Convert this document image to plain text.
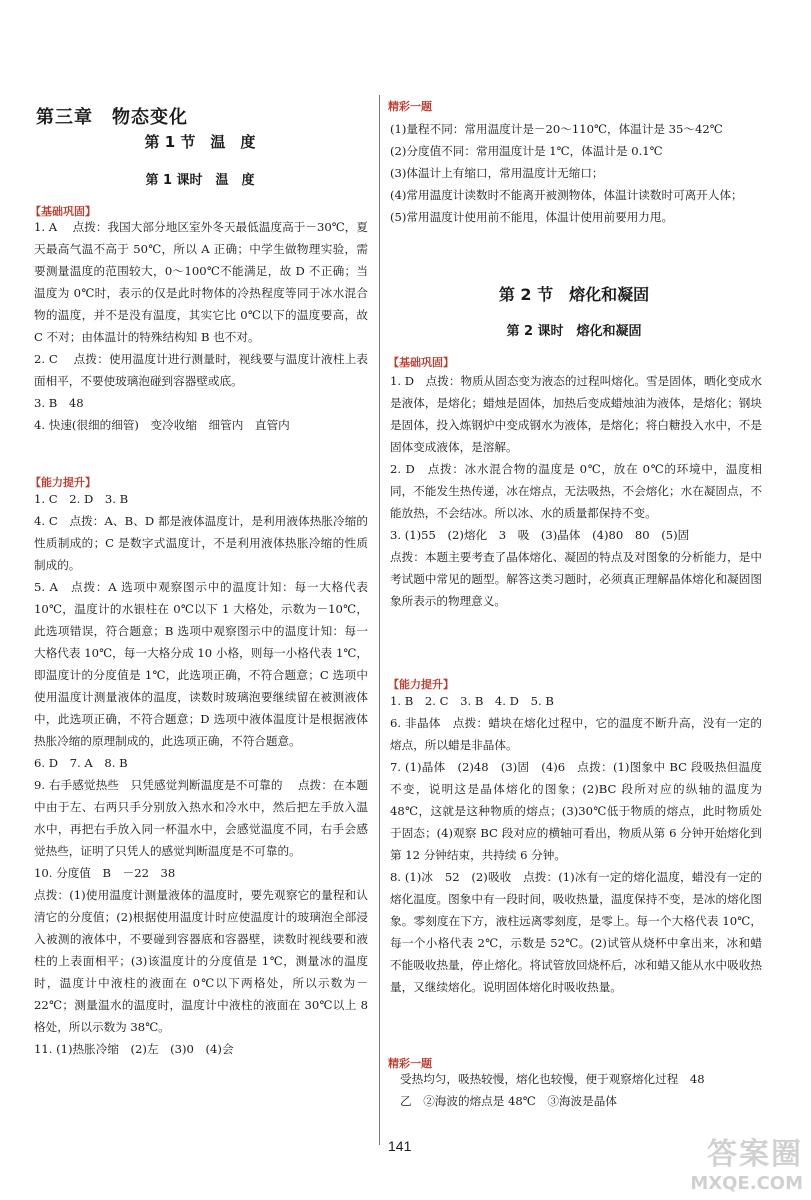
第三章　物态变化
第 1 节　温　度
第 1 课时　温　度
【基础巩固】
1. A　 点拨：我国大部分地区室外冬天最低温度高于－30℃，夏天最高气温不高于 50℃，所以 A 正确；中学生做物理实验，需要测量温度的范围较大，0～100℃不能满足，故 D 不正确；当温度为 0℃时，表示的仅是此时物体的冷热程度等同于冰水混合物的温度，并不是没有温度，其实它比 0℃以下的温度要高，故 C 不对；由体温计的特殊结构知 B 也不对。
2. C　 点拨：使用温度计进行测量时，视线要与温度计液柱上表面相平，不要使玻璃泡碰到容器壁或底。
3. B　48
4. 快速(很细的细管)　变冷收缩　细管内　直管内
【能力提升】
1. C　2. D　3. B
4. C　点拨：A、B、D 都是液体温度计，是利用液体热胀冷缩的性质制成的；C 是数字式温度计，不是利用液体热胀冷缩的性质制成的。
5. A　点拨：A 选项中观察图示中的温度计知：每一大格代表 10℃，温度计的水银柱在 0℃以下 1 大格处，示数为－10℃，此选项错误，符合题意；B 选项中观察图示中的温度计知：每一大格代表 10℃，每一大格分成 10 小格，则每一小格代表 1℃，即温度计的分度值是 1℃，此选项正确，不符合题意；C 选项中使用温度计测量液体的温度，读数时玻璃泡要继续留在被测液体中，此选项正确，不符合题意；D 选项中液体温度计是根据液体热胀冷缩的原理制成的，此选项正确，不符合题意。
6. D　7. A　8. B
9. 右手感觉热些　只凭感觉判断温度是不可靠的　 点拨：在本题中由于左、右两只手分别放入热水和冷水中，然后把左手放入温水中，再把右手放入同一杯温水中，会感觉温度不同，右手会感觉热些，证明了只凭人的感觉判断温度是不可靠的。
10. 分度值　B　－22　38
点拨：(1)使用温度计测量液体的温度时，要先观察它的量程和认清它的分度值；(2)根据使用温度计时应使温度计的玻璃泡全部浸入被测的液体中，不要碰到容器底和容器壁，读数时视线要和液柱的上表面相平；(3)该温度计的分度值是 1℃，测量冰的温度时，温度计中液柱的液面在 0℃以下两格处，所以示数为－22℃；测量温水的温度时，温度计中液柱的液面在 30℃以上 8 格处，所以示数为 38℃。
11. (1)热胀冷缩　(2)左　(3)0　(4)会
精彩一题
(1)量程不同：常用温度计是－20～110℃，体温计是 35～42℃
(2)分度值不同：常用温度计是 1℃，体温计是 0.1℃
(3)体温计上有缩口，常用温度计无缩口；
(4)常用温度计读数时不能离开被测物体，体温计读数时可离开人体；
(5)常用温度计使用前不能甩，体温计使用前要用力甩。
第 2 节　熔化和凝固
第 2 课时　熔化和凝固
【基础巩固】
1. D　点拨：物质从固态变为液态的过程叫熔化。雪是固体，晒化变成水是液体，是熔化；蜡烛是固体，加热后变成蜡烛油为液体，是熔化；钢块是固体，投入炼钢炉中变成钢水为液体，是熔化；将白糖投入水中，不是固体变成液体，是溶解。
2. D　点拨：冰水混合物的温度是 0℃，放在 0℃的环境中，温度相同，不能发生热传递，冰在熔点，无法吸热，不会熔化；水在凝固点，不能放热，不会结冰。所以冰、水的质量都保持不变。
3. (1)55　(2)熔化　3　吸　(3)晶体　(4)80　80　(5)固
点拨：本题主要考查了晶体熔化、凝固的特点及对图象的分析能力，是中考试题中常见的题型。解答这类习题时，必须真正理解晶体熔化和凝固图象所表示的物理意义。
【能力提升】
1. B　2. C　3. B　4. D　5. B
6. 非晶体　点拨：蜡块在熔化过程中，它的温度不断升高，没有一定的熔点，所以蜡是非晶体。
7. (1)晶体　(2)48　(3)固　(4)6　点拨：(1)图象中 BC 段吸热但温度不变，说明这是晶体熔化的图象；(2)BC 段所对应的纵轴的温度为 48℃，这就是这种物质的熔点；(3)30℃低于物质的熔点，此时物质处于固态；(4)观察 BC 段对应的横轴可看出，物质从第 6 分钟开始熔化到第 12 分钟结束，共持续 6 分钟。
8. (1)冰　52　(2)吸收　点拨：(1)冰有一定的熔化温度，蜡没有一定的熔化温度。图象中有一段时间，吸收热量，温度保持不变，是冰的熔化图象。零刻度在下方，液柱远离零刻度，是零上。每一个大格代表 10℃，每一个小格代表 2℃，示数是 52℃。(2)试管从烧杯中拿出来，冰和蜡不能吸收热量，停止熔化。将试管放回烧杯后，冰和蜡又能从水中吸收热量，又继续熔化。说明固体熔化时吸收热量。
精彩一题
受热均匀，吸热较慢，熔化也较慢，便于观察熔化过程　48
乙　②海波的熔点是 48℃　③海波是晶体
141	答案圈
MXQE.COM
